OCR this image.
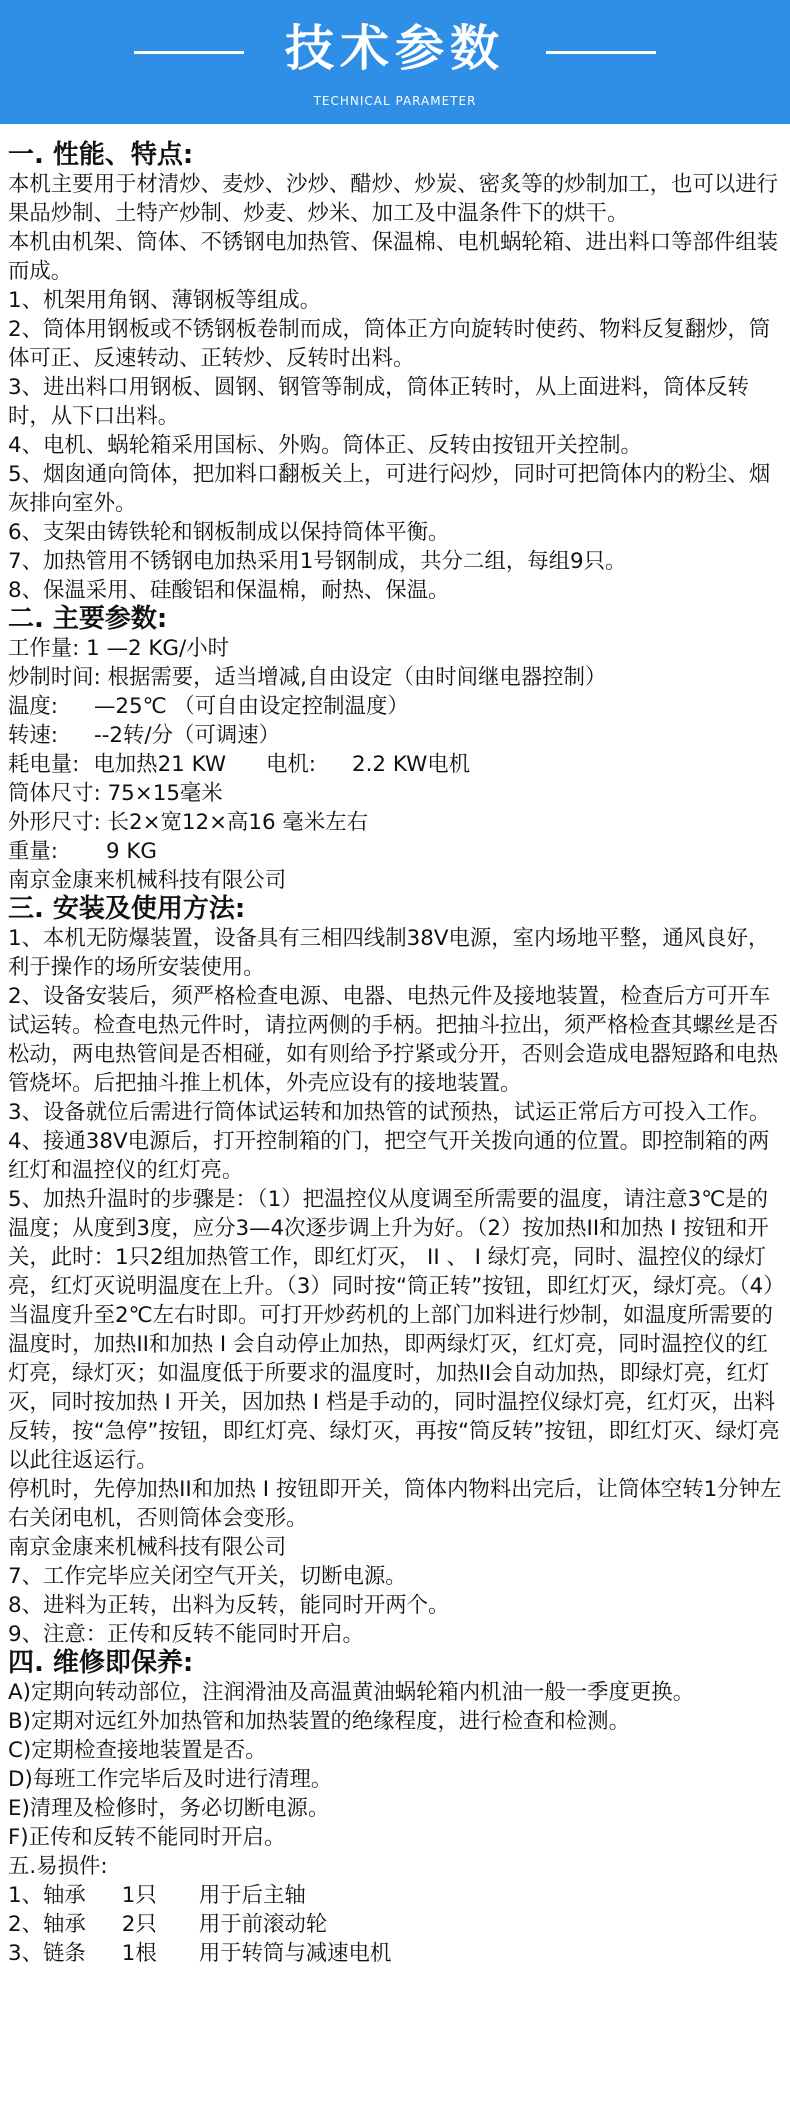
技术参数
TECHNICAL PARAMETER

一. 性能、特点:

本机主要用于材清炒、麦炒、沙炒、醋炒、炒炭、密炙等的炒制加工，也可以进行果品炒制、土特产炒制、炒麦、炒米、加工及中温条件下的烘干。

本机由机架、筒体、不锈钢电加热管、保温棉、电机蜗轮箱、进出料口等部件组装而成。

1、机架用角钢、薄钢板等组成。

2、筒体用钢板或不锈钢板卷制而成，筒体正方向旋转时使药、物料反复翻炒，筒体可正、反速转动、正转炒、反转时出料。

3、进出料口用钢板、圆钢、钢管等制成，筒体正转时，从上面进料，筒体反转时，从下口出料。

4、电机、蜗轮箱采用国标、外购。筒体正、反转由按钮开关控制。

5、烟囱通向筒体，把加料口翻板关上，可进行闷炒，同时可把筒体内的粉尘、烟灰排向室外。

6、支架由铸铁轮和钢板制成以保持筒体平衡。

7、加热管用不锈钢电加热采用1号钢制成，共分二组，每组9只。

8、保温采用、硅酸铝和保温棉，耐热、保温。

二. 主要参数:

工作量: 1 —2 KG/小时

炒制时间: 根据需要，适当增减,自由设定（由时间继电器控制）

温度: —25℃ （可自由设定控制温度）

转速: --2转/分（可调速）

耗电量: 电加热21 KW 电机: 2.2 KW电机

筒体尺寸: 75×15毫米

外形尺寸: 长2×宽12×高16 毫米左右

重量: 9 KG

南京金康来机械科技有限公司

三. 安装及使用方法:

1、本机无防爆装置，设备具有三相四线制38V电源，室内场地平整，通风良好，利于操作的场所安装使用。

2、设备安装后，须严格检查电源、电器、电热元件及接地装置，检查后方可开车试运转。检查电热元件时，请拉两侧的手柄。把抽斗拉出，须严格检查其螺丝是否松动，两电热管间是否相碰，如有则给予拧紧或分开，否则会造成电器短路和电热管烧坏。后把抽斗推上机体，外壳应设有的接地装置。

3、设备就位后需进行筒体试运转和加热管的试预热，试运正常后方可投入工作。

4、接通38V电源后，打开控制箱的门，把空气开关拨向通的位置。即控制箱的两红灯和温控仪的红灯亮。

5、加热升温时的步骤是：（1）把温控仪从度调至所需要的温度，请注意3℃是的温度；从度到3度，应分3—4次逐步调上升为好。（2）按加热II和加热 I 按钮和开关，此时：1只2组加热管工作，即红灯灭， II 、 I 绿灯亮，同时、温控仪的绿灯亮，红灯灭说明温度在上升。（3）同时按“筒正转”按钮，即红灯灭，绿灯亮。（4）当温度升至2℃左右时即。可打开炒药机的上部门加料进行炒制，如温度所需要的温度时，加热II和加热 I 会自动停止加热，即两绿灯灭，红灯亮，同时温控仪的红灯亮，绿灯灭；如温度低于所要求的温度时，加热II会自动加热，即绿灯亮，红灯灭，同时按加热 I 开关，因加热 I 档是手动的，同时温控仪绿灯亮，红灯灭，出料反转，按“急停”按钮，即红灯亮、绿灯灭，再按“筒反转”按钮，即红灯灭、绿灯亮以此往返运行。

停机时，先停加热II和加热 I 按钮即开关，筒体内物料出完后，让筒体空转1分钟左右关闭电机，否则筒体会变形。

南京金康来机械科技有限公司

7、工作完毕应关闭空气开关，切断电源。

8、进料为正转，出料为反转，能同时开两个。

9、注意：正传和反转不能同时开启。

四. 维修即保养:

A)定期向转动部位，注润滑油及高温黄油蜗轮箱内机油一般一季度更换。

B)定期对远红外加热管和加热装置的绝缘程度，进行检查和检测。

C)定期检查接地装置是否。

D)每班工作完毕后及时进行清理。

E)清理及检修时，务必切断电源。

F)正传和反转不能同时开启。

五.易损件:

1、轴承 1只 用于后主轴

2、轴承 2只 用于前滚动轮

3、链条 1根 用于转筒与减速电机
